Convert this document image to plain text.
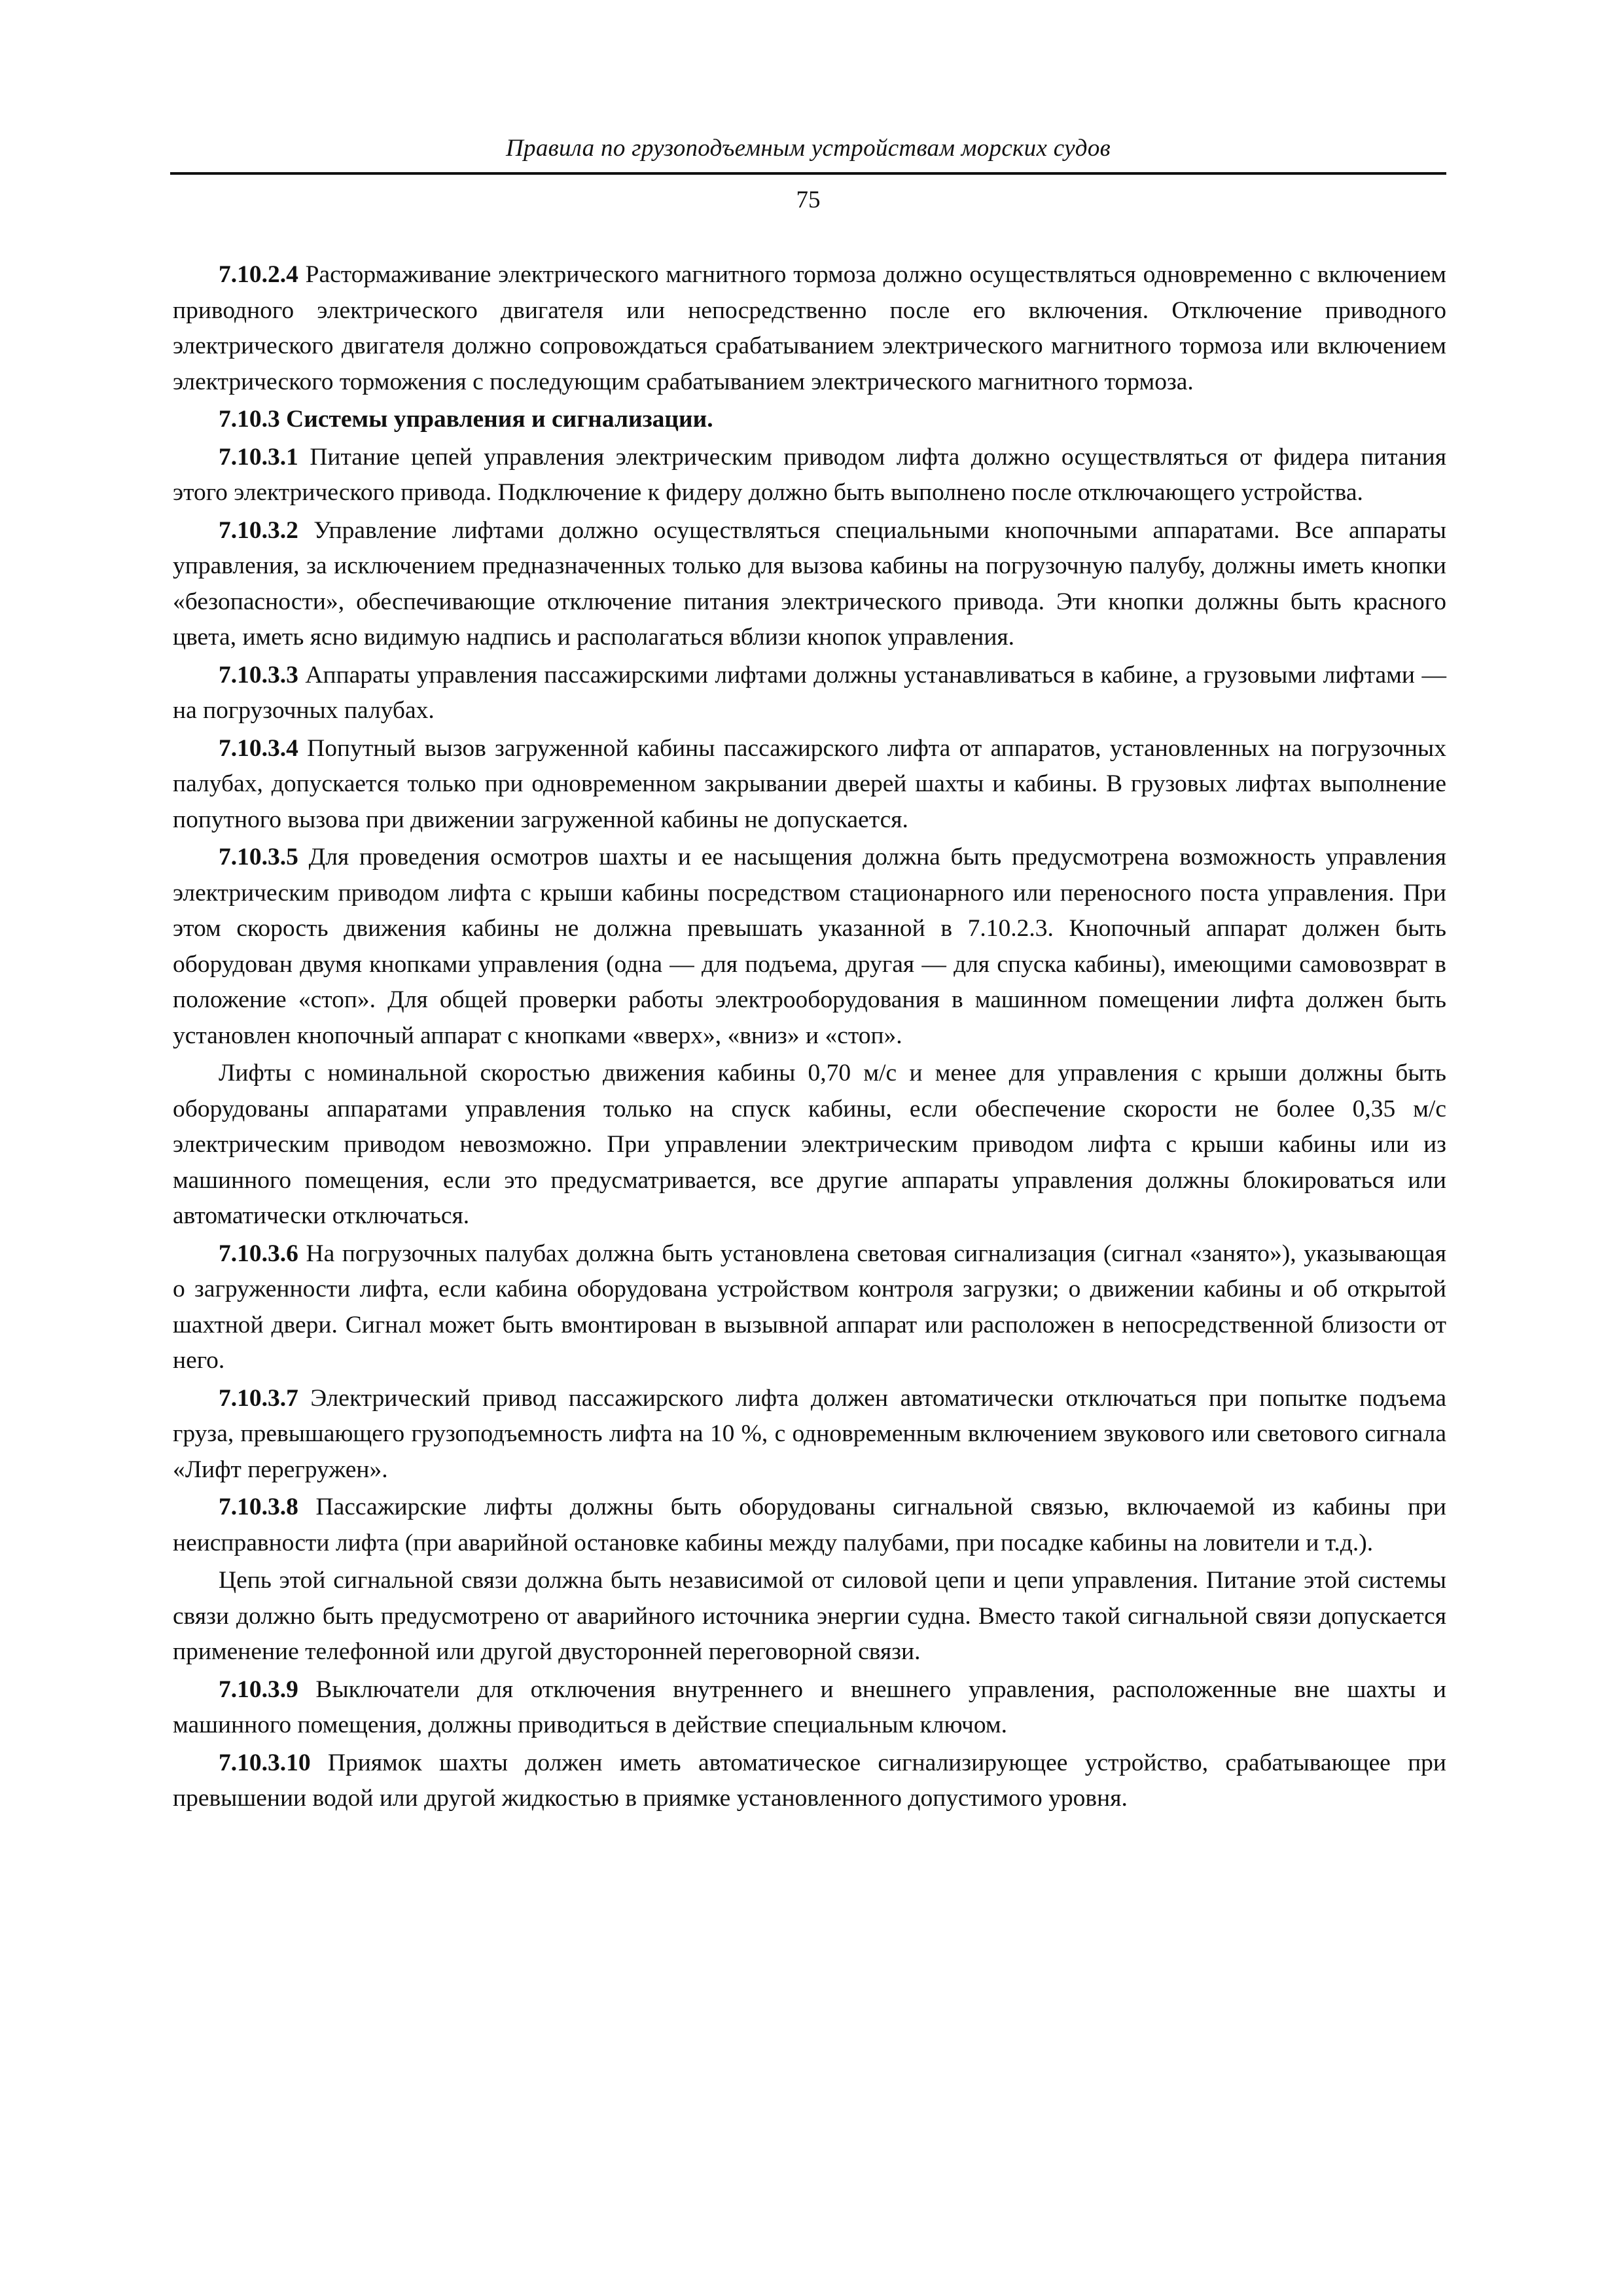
Правила по грузоподъемным устройствам морских судов
75

7.10.2.4 Растормаживание электрического магнитного тормоза должно осуществляться одновременно с включением приводного электрического двигателя или непосредственно после его включения. Отключение приводного электрического двигателя должно сопровождаться срабатыванием электрического магнитного тормоза или включением электрического торможения с последующим срабатыванием электрического магнитного тормоза.

7.10.3 Системы управления и сигнализации.

7.10.3.1 Питание цепей управления электрическим приводом лифта должно осуществляться от фидера питания этого электрического привода. Подключение к фидеру должно быть выполнено после отключающего устройства.

7.10.3.2 Управление лифтами должно осуществляться специальными кнопочными аппаратами. Все аппараты управления, за исключением предназначенных только для вызова кабины на погрузочную палубу, должны иметь кнопки «безопасности», обеспечивающие отключение питания электрического привода. Эти кнопки должны быть красного цвета, иметь ясно видимую надпись и располагаться вблизи кнопок управления.

7.10.3.3 Аппараты управления пассажирскими лифтами должны устанавливаться в кабине, а грузовыми лифтами — на погрузочных палубах.

7.10.3.4 Попутный вызов загруженной кабины пассажирского лифта от аппаратов, установленных на погрузочных палубах, допускается только при одновременном закрывании дверей шахты и кабины. В грузовых лифтах выполнение попутного вызова при движении загруженной кабины не допускается.

7.10.3.5 Для проведения осмотров шахты и ее насыщения должна быть предусмотрена возможность управления электрическим приводом лифта с крыши кабины посредством стационарного или переносного поста управления. При этом скорость движения кабины не должна превышать указанной в 7.10.2.3. Кнопочный аппарат должен быть оборудован двумя кнопками управления (одна — для подъема, другая — для спуска кабины), имеющими самовозврат в положение «стоп». Для общей проверки работы электрооборудования в машинном помещении лифта должен быть установлен кнопочный аппарат с кнопками «вверх», «вниз» и «стоп».

Лифты с номинальной скоростью движения кабины 0,70 м/с и менее для управления с крыши должны быть оборудованы аппаратами управления только на спуск кабины, если обеспечение скорости не более 0,35 м/с электрическим приводом невозможно. При управлении электрическим приводом лифта с крыши кабины или из машинного помещения, если это предусматривается, все другие аппараты управления должны блокироваться или автоматически отключаться.

7.10.3.6 На погрузочных палубах должна быть установлена световая сигнализация (сигнал «занято»), указывающая о загруженности лифта, если кабина оборудована устройством контроля загрузки; о движении кабины и об открытой шахтной двери. Сигнал может быть вмонтирован в вызывной аппарат или расположен в непосредственной близости от него.

7.10.3.7 Электрический привод пассажирского лифта должен автоматически отключаться при попытке подъема груза, превышающего грузоподъемность лифта на 10 %, с одновременным включением звукового или светового сигнала «Лифт перегружен».

7.10.3.8 Пассажирские лифты должны быть оборудованы сигнальной связью, включаемой из кабины при неисправности лифта (при аварийной остановке кабины между палубами, при посадке кабины на ловители и т.д.).

Цепь этой сигнальной связи должна быть независимой от силовой цепи и цепи управления. Питание этой системы связи должно быть предусмотрено от аварийного источника энергии судна. Вместо такой сигнальной связи допускается применение телефонной или другой двусторонней переговорной связи.

7.10.3.9 Выключатели для отключения внутреннего и внешнего управления, расположенные вне шахты и машинного помещения, должны приводиться в действие специальным ключом.

7.10.3.10 Приямок шахты должен иметь автоматическое сигнализирующее устройство, срабатывающее при превышении водой или другой жидкостью в приямке установленного допустимого уровня.
